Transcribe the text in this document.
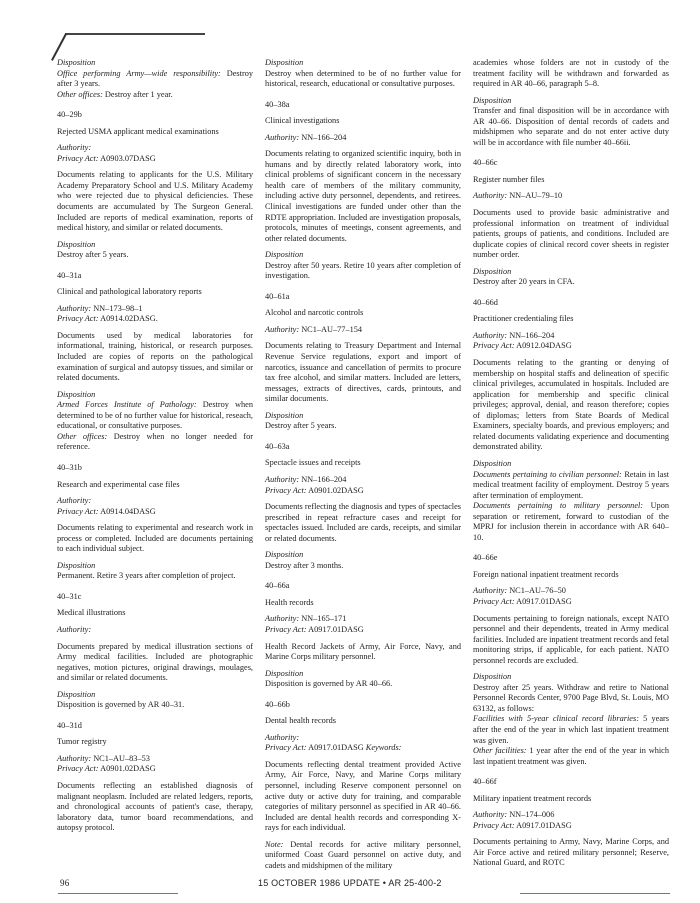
Disposition
Office performing Army—wide responsibility: Destroy after 3 years.
Other offices: Destroy after 1 year.
40–29b
Rejected USMA applicant medical examinations
Authority:
Privacy Act: A0903.07DASG
Documents relating to applicants for the U.S. Military Academy Preparatory School and U.S. Military Academy who were rejected due to physical deficiencies. These documents are accumulated by The Surgeon General. Included are reports of medical examination, reports of medical history, and similar or related documents.
Disposition
Destroy after 5 years.
40–31a
Clinical and pathological laboratory reports
Authority: NN–173–98–1
Privacy Act: A0914.02DASG.
Documents used by medical laboratories for informational, training, historical, or research purposes. Included are copies of reports on the pathological examination of surgical and autopsy tissues, and similar or related documents.
Disposition
Armed Forces Institute of Pathology: Destroy when determined to be of no further value for historical, reseach, educational, or consultative purposes.
Other offices: Destroy when no longer needed for reference.
40–31b
Research and experimental case files
Authority:
Privacy Act: A0914.04DASG
Documents relating to experimental and research work in process or completed. Included are documents pertaining to each individual subject.
Disposition
Permanent. Retire 3 years after completion of project.
40–31c
Medical illustrations
Authority:
Documents prepared by medical illustration sections of Army medical facilities. Included are photographic negatives, motion pictures, original drawings, moulages, and similar or related documents.
Disposition
Disposition is governed by AR 40–31.
40–31d
Tumor registry
Authority: NC1–AU–83–53
Privacy Act: A0901.02DASG
Documents reflecting an established diagnosis of malignant neoplasm. Included are related ledgers, reports, and chronological accounts of patient's case, therapy, laboratory data, tumor board recommendations, and autopsy protocol.
Disposition
Destroy when determined to be of no further value for historical, research, educational or consultative purposes.
40–38a
Clinical investigations
Authority: NN–166–204
Documents relating to organized scientific inquiry, both in humans and by directly related laboratory work, into clinical problems of significant concern in the necessary health care of members of the military community, including active duty personnel, dependents, and retirees. Clinical investigations are funded under other than the RDTE appropriation. Included are investigation proposals, protocols, minutes of meetings, consent agreements, and other related documents.
Disposition
Destroy after 50 years. Retire 10 years after completion of investigation.
40–61a
Alcohol and narcotic controls
Authority: NC1–AU–77–154
Documents relating to Treasury Department and Internal Revenue Service regulations, export and import of narcotics, issuance and cancellation of permits to procure tax free alcohol, and similar matters. Included are letters, messages, extracts of directives, cards, printouts, and similar documents.
Disposition
Destroy after 5 years.
40–63a
Spectacle issues and receipts
Authority: NN–166–204
Privacy Act: A0901.02DASG
Documents reflecting the diagnosis and types of spectacles prescribed in repeat refracture cases and receipt for spectacles issued. Included are cards, receipts, and similar or related documents.
Disposition
Destroy after 3 months.
40–66a
Health records
Authority: NN–165–171
Privacy Act: A0917.01DASG
Health Record Jackets of Army, Air Force, Navy, and Marine Corps military personnel.
Disposition
Disposition is governed by AR 40–66.
40–66b
Dental health records
Authority:
Privacy Act: A0917.01DASG Keywords:
Documents reflecting dental treatment provided Active Army, Air Force, Navy, and Marine Corps military personnel, including Reserve component personnel on active duty or active duty for training, and comparable categories of military personnel as specified in AR 40–66. Included are dental health records and corresponding X-rays for each individual.
Note: Dental records for active military personnel, uniformed Coast Guard personnel on active duty, and cadets and midshipmen of the military
academies whose folders are not in custody of the treatment facility will be withdrawn and forwarded as required in AR 40–66, paragraph 5–8.
Disposition
Transfer and final disposition will be in accordance with AR 40–66. Disposition of dental records of cadets and midshipmen who separate and do not enter active duty will be in accordance with file number 40–66ii.
40–66c
Register number files
Authority: NN–AU–79–10
Documents used to provide basic administrative and professional information on treatment of individual patients, groups of patients, and conditions. Included are duplicate copies of clinical record cover sheets in register number order.
Disposition
Destroy after 20 years in CFA.
40–66d
Practitioner credentialing files
Authority: NN–166–204
Privacy Act: A0912.04DASG
Documents relating to the granting or denying of membership on hospital staffs and delineation of specific clinical privileges, accumulated in hospitals. Included are application for membership and specific clinical privileges; approval, denial, and reason therefore; copies of diplomas; letters from State Boards of Medical Examiners, specialty boards, and previous employers; and related documents validating experience and documenting demonstrated ability.
Disposition
Documents pertaining to civilian personnel: Retain in last medical treatment facility of employment. Destroy 5 years after termination of employment.
Documents pertaining to military personnel: Upon separation or retirement, forward to custodian of the MPRJ for inclusion therein in accordance with AR 640–10.
40–66e
Foreign national inpatient treatment records
Authority: NC1–AU–76–50
Privacy Act: A0917.01DASG
Documents pertaining to foreign nationals, except NATO personnel and their dependents, treated in Army medical facilities. Included are inpatient treatment records and fetal monitoring strips, if applicable, for each patient. NATO personnel records are excluded.
Disposition
Destroy after 25 years. Withdraw and retire to National Personnel Records Center, 9700 Page Blvd, St. Louis, MO 63132, as follows:
Facilities with 5-year clinical record libraries: 5 years after the end of the year in which last inpatient treatment was given.
Other facilities: 1 year after the end of the year in which last inpatient treatment was given.
40–66f
Military inpatient treatment records
Authority: NN–174–006
Privacy Act: A0917.01DASG
Documents pertaining to Army, Navy, Marine Corps, and Air Force active and retired military personnel; Reserve, National Guard, and ROTC
96	15 OCTOBER 1986 UPDATE • AR 25-400-2
